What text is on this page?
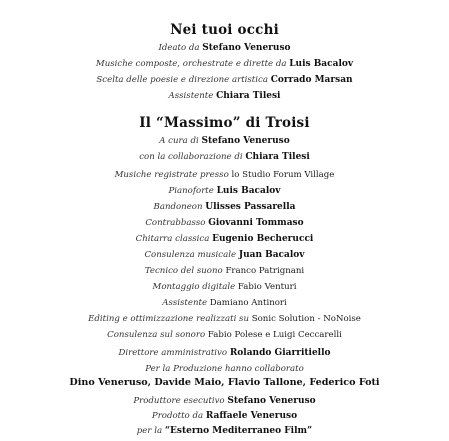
Nei tuoi occhi
Ideato da Stefano Veneruso
Musiche composte, orchestrate e dirette da Luis Bacalov
Scelta delle poesie e direzione artistica Corrado Marsan
Assistente Chiara Tilesi
Il “Massimo” di Troisi
A cura di Stefano Veneruso
con la collaborazione di Chiara Tilesi
Musiche registrate presso lo Studio Forum Village
Pianoforte Luis Bacalov
Bandoneon Ulisses Passarella
Contrabbasso Giovanni Tommaso
Chitarra classica Eugenio Becherucci
Consulenza musicale Juan Bacalov
Tecnico del suono Franco Patrignani
Montaggio digitale Fabio Venturi
Assistente Damiano Antinori
Editing e ottimizzazione realizzati su Sonic Solution - NoNoise
Consulenza sul sonoro Fabio Polese e Luigi Ceccarelli
Direttore amministrativo Rolando Giarritiello
Per la Produzione hanno collaborato
Dino Veneruso, Davide Maio, Flavio Tallone, Federico Foti
Produttore esecutivo Stefano Veneruso
Prodotto da Raffaele Veneruso
per la “Esterno Mediterraneo Film”
